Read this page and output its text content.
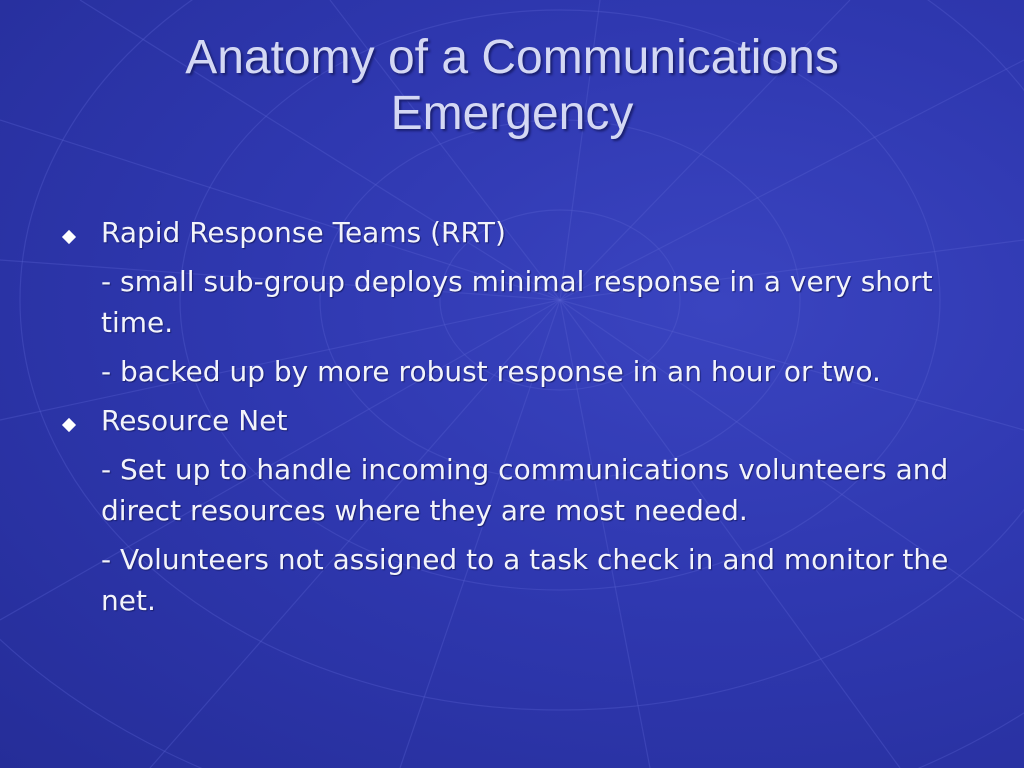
Anatomy of a Communications
Emergency
Rapid Response Teams (RRT)
- small sub-group deploys minimal response in a very short time.
- backed up by more robust response in an hour or two.
Resource Net
- Set up to handle incoming communications volunteers and direct resources where they are most needed.
- Volunteers not assigned to a task check in and monitor the net.
